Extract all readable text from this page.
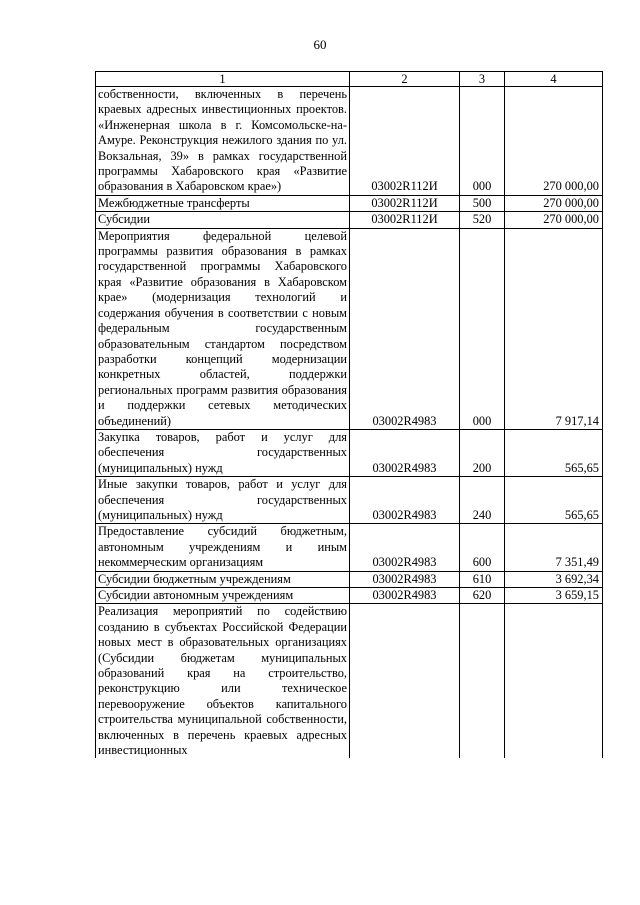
60
1	2	3	4
собственности, включенных в перечень краевых адресных инвестиционных проектов. «Инженерная школа в г. Комсомольске-на-Амуре. Реконструкция нежилого здания по ул. Вокзальная, 39» в рамках государственной программы Хабаровского края «Развитие образования в Хабаровском крае»)	03002R112И	000	270 000,00
Межбюджетные трансферты	03002R112И	500	270 000,00
Субсидии	03002R112И	520	270 000,00
Мероприятия федеральной целевой программы развития образования в рамках государственной программы Хабаровского края «Развитие образования в Хабаровском крае» (модернизация технологий и содержания обучения в соответствии с новым федеральным государственным образовательным стандартом посредством разработки концепций модернизации конкретных областей, поддержки региональных программ развития образования и поддержки сетевых методических объединений)	03002R4983	000	7 917,14
Закупка товаров, работ и услуг для обеспечения государственных (муниципальных) нужд	03002R4983	200	565,65
Иные закупки товаров, работ и услуг для обеспечения государственных (муниципальных) нужд	03002R4983	240	565,65
Предоставление субсидий бюджетным, автономным учреждениям и иным некоммерческим организациям	03002R4983	600	7 351,49
Субсидии бюджетным учреждениям	03002R4983	610	3 692,34
Субсидии автономным учреждениям	03002R4983	620	3 659,15
Реализация мероприятий по содействию созданию в субъектах Российской Федерации новых мест в образовательных организациях (Субсидии бюджетам муниципальных образований края на строительство, реконструкцию или техническое перевооружение объектов капитального строительства муниципальной собственности, включенных в перечень краевых адресных инвестиционных			
